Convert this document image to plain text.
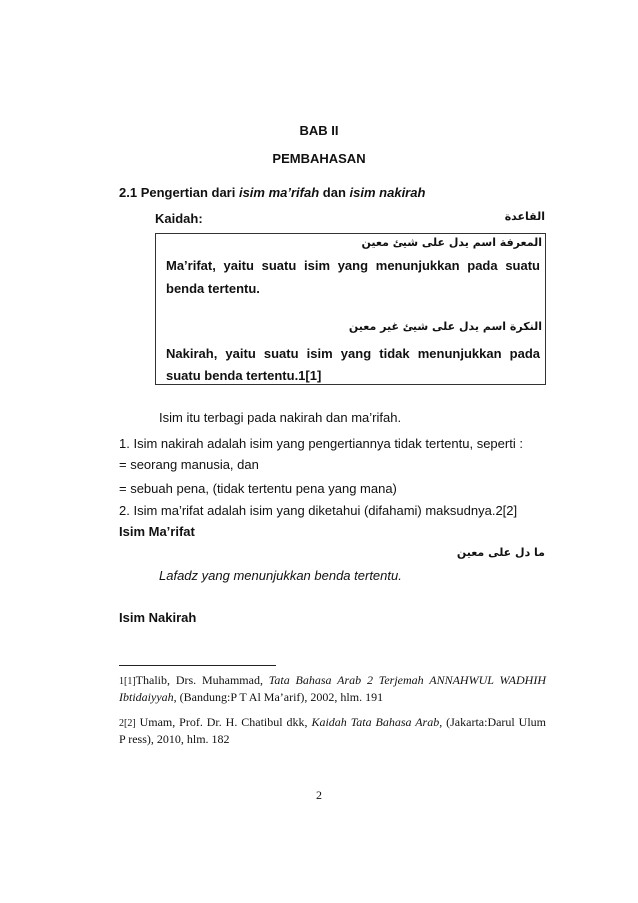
BAB II
PEMBAHASAN
2.1 Pengertian dari isim ma’rifah dan isim nakirah
Kaidah:	القاعدة
المعرفة اسم يدل على شيئ معين
Ma’rifat, yaitu suatu isim yang menunjukkan pada suatu
benda tertentu.
النكرة اسم يدل على شيئ غير معين
Nakirah, yaitu suatu isim yang tidak menunjukkan pada
suatu benda tertentu.1[1]
Isim itu terbagi pada nakirah dan ma’rifah.
1. Isim nakirah adalah isim yang pengertiannya tidak tertentu, seperti :
= seorang manusia, dan
= sebuah pena, (tidak tertentu pena yang mana)
2. Isim ma’rifat adalah isim yang diketahui (difahami) maksudnya.2[2]
Isim Ma’rifat
ما دل على معين
Lafadz yang menunjukkan benda tertentu.
Isim Nakirah
1[1]Thalib, Drs. Muhammad, Tata Bahasa Arab 2 Terjemah ANNAHWUL WADHIH
Ibtidaiyyah, (Bandung:P T Al Ma’arif), 2002, hlm. 191
2[2] Umam, Prof. Dr. H. Chatibul dkk, Kaidah Tata Bahasa Arab, (Jakarta:Darul Ulum
P ress), 2010, hlm. 182
2
